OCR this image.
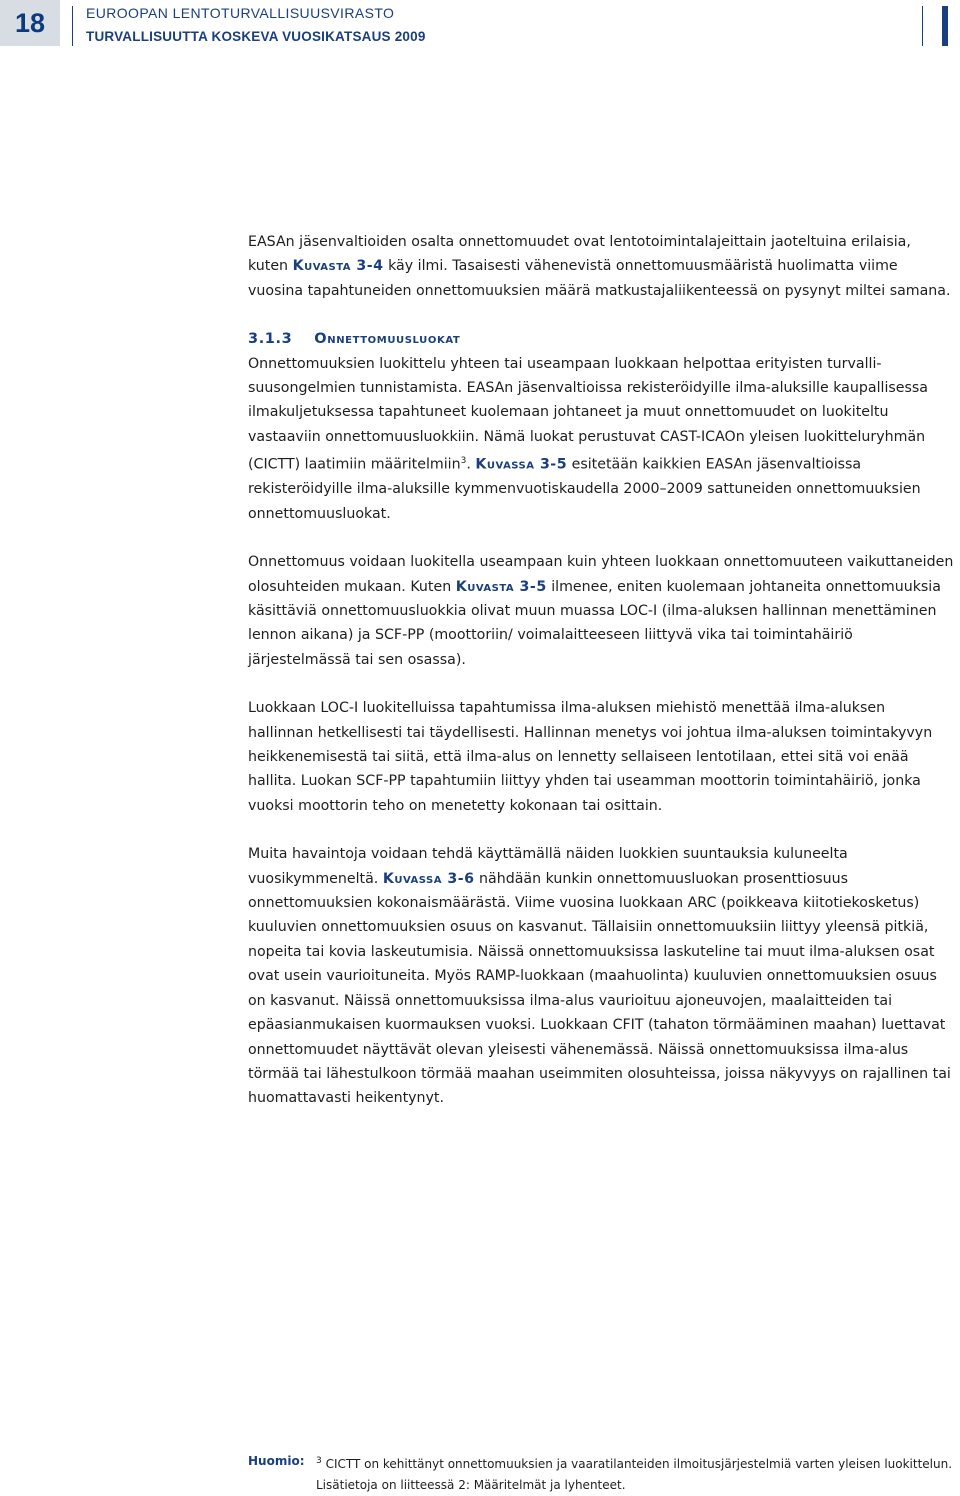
18	EUROOPAN LENTOTURVALLISUUSVIRASTO
TURVALLISUUTTA KOSKEVA VUOSIKATSAUS 2009

EASAn jäsenvaltioiden osalta onnettomuudet ovat lentotoimintalajeittain jaoteltuina erilaisia, kuten Kuvasta 3-4 käy ilmi. Tasaisesti vähenevistä onnettomuusmääristä huolimatta viime vuosina tapahtuneiden onnettomuuksien määrä matkustajaliikenteessä on pysynyt miltei samana.

3.1.3 Onnettomuusluokat

Onnettomuuksien luokittelu yhteen tai useampaan luokkaan helpottaa erityisten turvalli-suusongelmien tunnistamista. EASAn jäsenvaltioissa rekisteröidyille ilma-aluksille kaupallisessa ilmakuljetuksessa tapahtuneet kuolemaan johtaneet ja muut onnettomuudet on luokiteltu vastaaviin onnettomuusluokkiin. Nämä luokat perustuvat CAST-ICAOn yleisen luokitteluryhmän (CICTT) laatimiin määritelmiin$^3$. Kuvassa 3-5 esitetään kaikkien EASAn jäsenvaltioissa rekisteröidyille ilma-aluksille kymmenvuotiskaudella 2000–2009 sattuneiden onnettomuuksien onnettomuusluokat.

Onnettomuus voidaan luokitella useampaan kuin yhteen luokkaan onnettomuuteen vaikuttaneiden olosuhteiden mukaan. Kuten Kuvasta 3-5 ilmenee, eniten kuolemaan johtaneita onnettomuuksia käsittäviä onnettomuusluokkia olivat muun muassa LOC-I (ilma-aluksen hallinnan menettäminen lennon aikana) ja SCF-PP (moottoriin/ voimalaitteeseen liittyvä vika tai toimintahäiriö järjestelmässä tai sen osassa).

Luokkaan LOC-I luokitelluissa tapahtumissa ilma-aluksen miehistö menettää ilma-aluksen hallinnan hetkellisesti tai täydellisesti. Hallinnan menetys voi johtua ilma-aluksen toimintakyvyn heikkenemisestä tai siitä, että ilma-alus on lennetty sellaiseen lentotilaan, ettei sitä voi enää hallita. Luokan SCF-PP tapahtumiin liittyy yhden tai useamman moottorin toimintahäiriö, jonka vuoksi moottorin teho on menetetty kokonaan tai osittain.

Muita havaintoja voidaan tehdä käyttämällä näiden luokkien suuntauksia kuluneelta vuosikymmeneltä. Kuvassa 3-6 nähdään kunkin onnettomuusluokan prosenttiosuus onnettomuuksien kokonaismäärästä. Viime vuosina luokkaan ARC (poikkeava kiitotiekosketus) kuuluvien onnettomuuksien osuus on kasvanut. Tällaisiin onnettomuuksiin liittyy yleensä pitkiä, nopeita tai kovia laskeutumisia. Näissä onnettomuuksissa laskuteline tai muut ilma-aluksen osat ovat usein vaurioituneita. Myös RAMP-luokkaan (maahuolinta) kuuluvien onnettomuuksien osuus on kasvanut. Näissä onnettomuuksissa ilma-alus vaurioituu ajoneuvojen, maalaitteiden tai epäasianmukaisen kuormauksen vuoksi. Luokkaan CFIT (tahaton törmääminen maahan) luettavat onnettomuudet näyttävät olevan yleisesti vähenemässä. Näissä onnettomuuksissa ilma-alus törmää tai lähestulkoon törmää maahan useimmiten olosuhteissa, joissa näkyvyys on rajallinen tai huomattavasti heikentynyt.

Huomio: $^3$ CICTT on kehittänyt onnettomuuksien ja vaaratilanteiden ilmoitusjärjestelmiä varten yleisen luokittelun.
Lisätietoja on liitteessä 2: Määritelmät ja lyhenteet.
